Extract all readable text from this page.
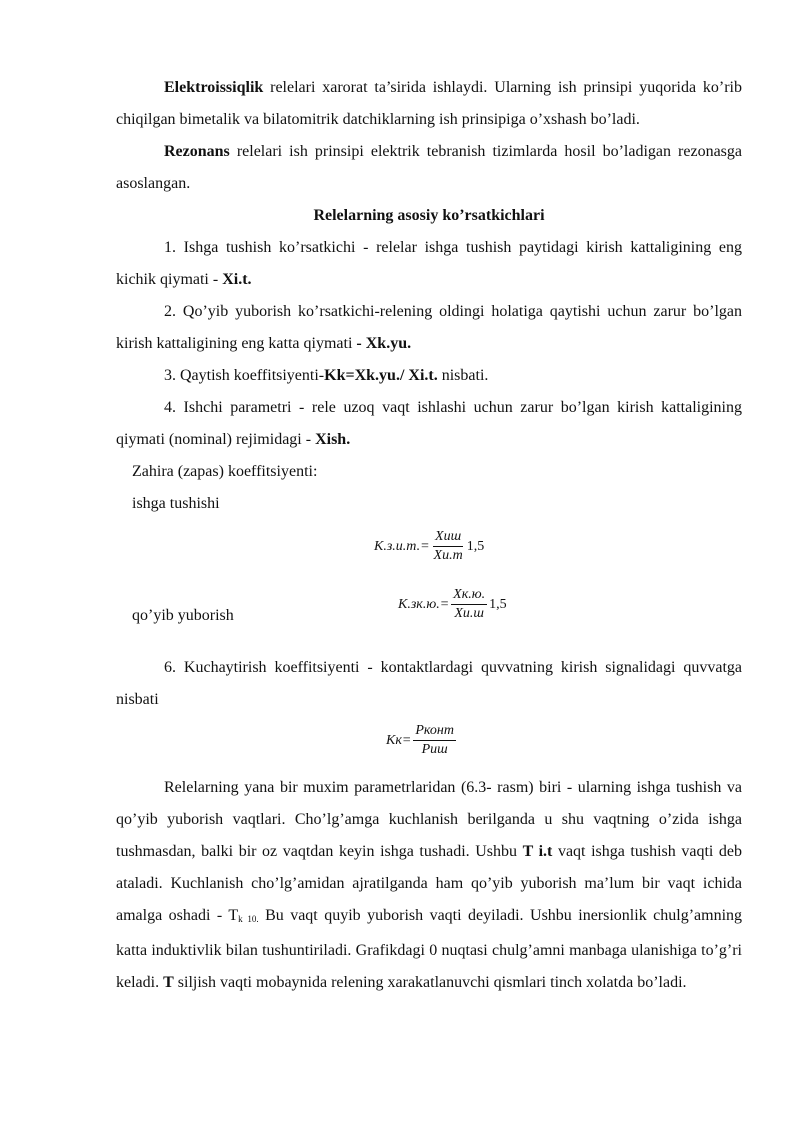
Elektroissiqlik relelari xarorat ta’sirida ishlaydi. Ularning ish prinsipi yuqorida ko’rib chiqilgan bimetalik va bilatomitrik datchiklarning ish prinsipiga o’xshash bo’ladi.

Rezonans relelari ish prinsipi elektrik tebranish tizimlarda hosil bo’ladigan rezonasga asoslangan.

Relelarning asosiy ko’rsatkichlari

1. Ishga tushish ko’rsatkichi - relelar ishga tushish paytidagi kirish kattaligining eng kichik qiymati - Xi.t.

2. Qo’yib yuborish ko’rsatkichi-relening oldingi holatiga qaytishi uchun zarur bo’lgan kirish kattaligining eng katta qiymati - Xk.yu.

3. Qaytish koeffitsiyenti-Kk=Xk.yu./ Xi.t. nisbati.

4. Ishchi parametri - rele uzoq vaqt ishlashi uchun zarur bo’lgan kirish kattaligining qiymati (nominal) rejimidagi - Xish.

Zahira (zapas) koeffitsiyenti:

ishga tushishi

$K.з.и.т.= \frac{\text{Xиш}}{Xи.т} 1,5$
$K.зк.ю.= \frac{Xк.ю.}{Xи.ш} 1,5$

qo’yib yuborish

6. Kuchaytirish koeffitsiyenti - kontaktlardagi quvvatning kirish signalidagi quvvatga nisbati

$Kк= \frac{\text{Pконт}}{\text{Pиш}}$

Relelarning yana bir muxim parametrlaridan (6.3- rasm) biri - ularning ishga tushish va qo’yib yuborish vaqtlari. Cho’lg’amga kuchlanish berilganda u shu vaqtning o’zida ishga tushmasdan, balki bir oz vaqtdan keyin ishga tushadi. Ushbu T i.t vaqt ishga tushish vaqti deb ataladi. Kuchlanish cho’lg’amidan ajratilganda ham qo’yib yuborish ma’lum bir vaqt ichida amalga oshadi - $T_{k 10.}$ Bu vaqt quyib yuborish vaqti deyiladi. Ushbu inersionlik chulg’amning katta induktivlik bilan tushuntiriladi. Grafikdagi 0 nuqtasi chulg’amni manbaga ulanishiga to’g’ri keladi. T siljish vaqti mobaynida relening xarakatlanuvchi qismlari tinch xolatda bo’ladi.
